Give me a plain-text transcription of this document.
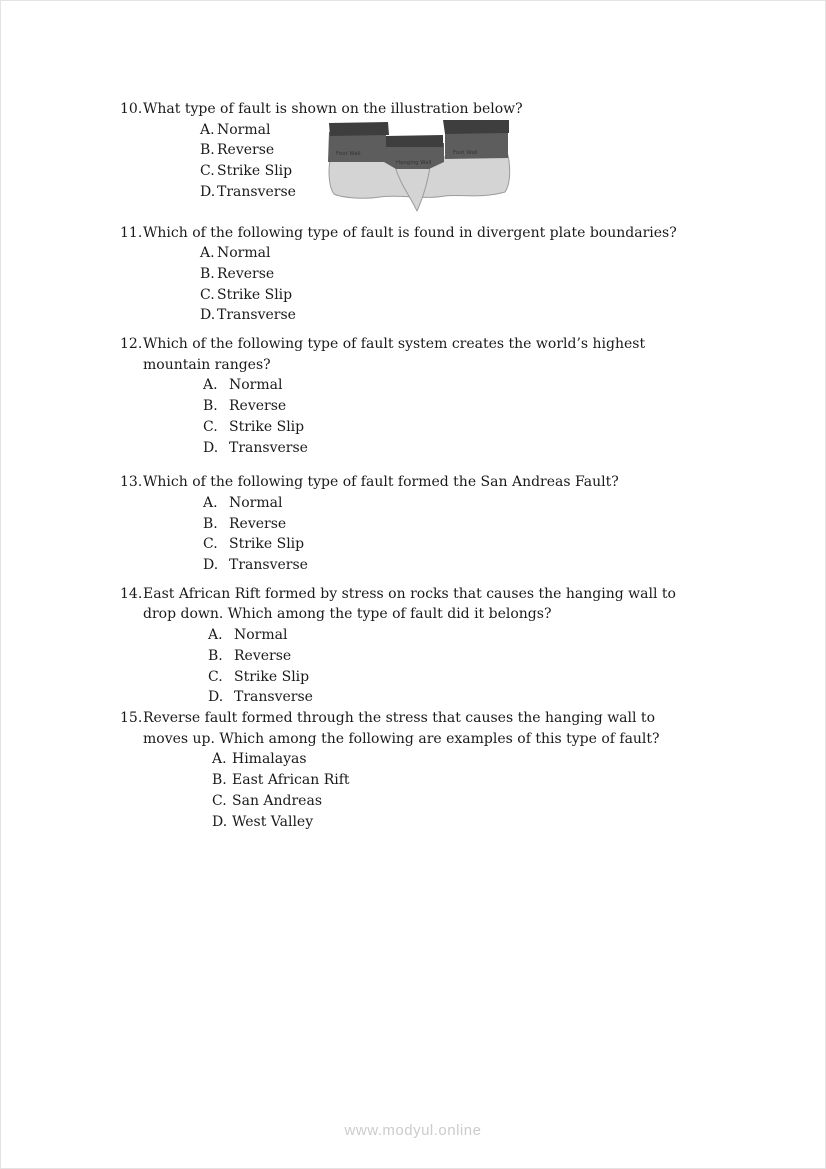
10.What type of fault is shown on the illustration below?
A. Normal
B. Reverse
C. Strike Slip
D. Transverse
11.Which of the following type of fault is found in divergent plate boundaries?
A. Normal
B. Reverse
C. Strike Slip
D. Transverse
12.Which of the following type of fault system creates the world’s highest
mountain ranges?
A. Normal
B. Reverse
C. Strike Slip
D. Transverse
13.Which of the following type of fault formed the San Andreas Fault?
A. Normal
B. Reverse
C. Strike Slip
D. Transverse
14.East African Rift formed by stress on rocks that causes the hanging wall to
drop down. Which among the type of fault did it belongs?
A. Normal
B. Reverse
C. Strike Slip
D. Transverse
15.Reverse fault formed through the stress that causes the hanging wall to
moves up. Which among the following are examples of this type of fault?
A. Himalayas
B. East African Rift
C. San Andreas
D. West Valley
Foot Wall
Hanging Wall
Foot Wall
www.modyul.online
